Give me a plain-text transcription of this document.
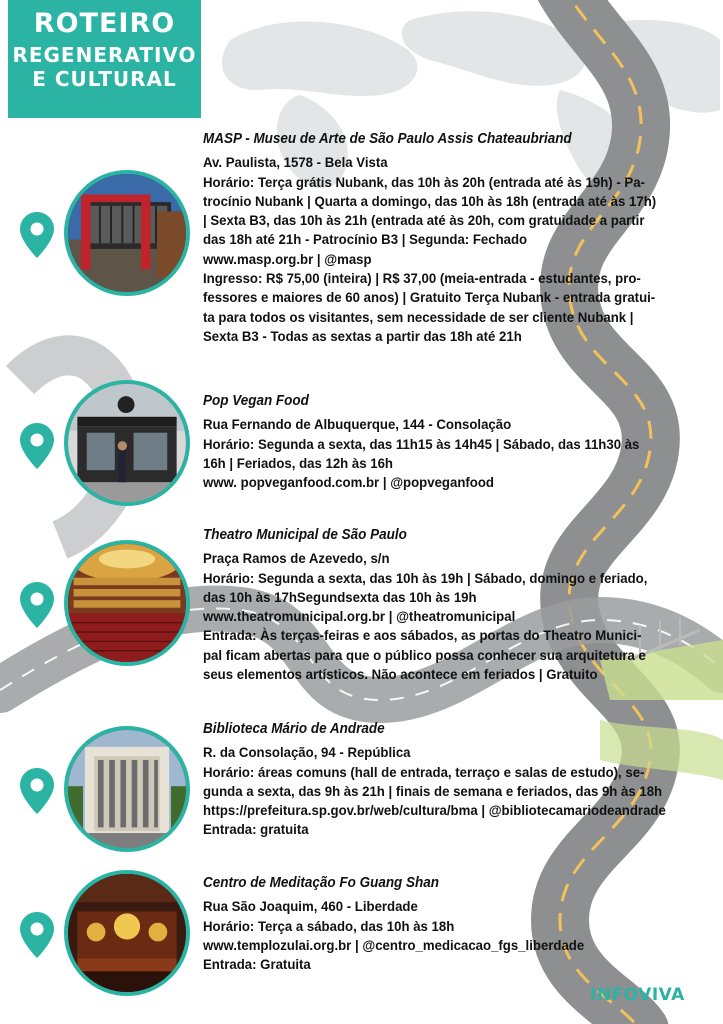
ROTEIRO
REGENERATIVO
E CULTURAL
MASP - Museu de Arte de São Paulo Assis Chateaubriand
Av. Paulista, 1578 - Bela Vista
Horário: Terça grátis Nubank, das 10h às 20h (entrada até às 19h) - Pa-
trocínio Nubank | Quarta a domingo, das 10h às 18h (entrada até às 17h)
| Sexta B3, das 10h às 21h (entrada até às 20h, com gratuidade a partir
das 18h até 21h - Patrocínio B3 | Segunda: Fechado
www.masp.org.br | @masp
Ingresso: R$ 75,00 (inteira) | R$ 37,00 (meia-entrada - estudantes, pro-
fessores e maiores de 60 anos) | Gratuito Terça Nubank - entrada gratui-
ta para todos os visitantes, sem necessidade de ser cliente Nubank |
Sexta B3 - Todas as sextas a partir das 18h até 21h
Pop Vegan Food
Rua Fernando de Albuquerque, 144 - Consolação
Horário: Segunda a sexta, das 11h15 às 14h45 | Sábado, das 11h30 às
16h | Feriados, das 12h às 16h
www. popveganfood.com.br | @popveganfood
Theatro Municipal de São Paulo
Praça Ramos de Azevedo, s/n
Horário: Segunda a sexta, das 10h às 19h | Sábado, domingo e feriado,
das 10h às 17hSegundsexta das 10h às 19h
www.theatromunicipal.org.br | @theatromunicipal
Entrada: Às terças-feiras e aos sábados, as portas do Theatro Munici-
pal ficam abertas para que o público possa conhecer sua arquitetura e
seus elementos artísticos. Não acontece em feriados | Gratuito
Biblioteca Mário de Andrade
R. da Consolação, 94 - República
Horário: áreas comuns (hall de entrada, terraço e salas de estudo), se-
gunda a sexta, das 9h às 21h | finais de semana e feriados, das 9h às 18h
https://prefeitura.sp.gov.br/web/cultura/bma | @bibliotecamariodeandrade
Entrada: gratuita
Centro de Meditação Fo Guang Shan
Rua São Joaquim, 460 - Liberdade
Horário: Terça a sábado, das 10h às 18h
www.templozulai.org.br | @centro_medicacao_fgs_liberdade
Entrada: Gratuita
INFOVIVA
